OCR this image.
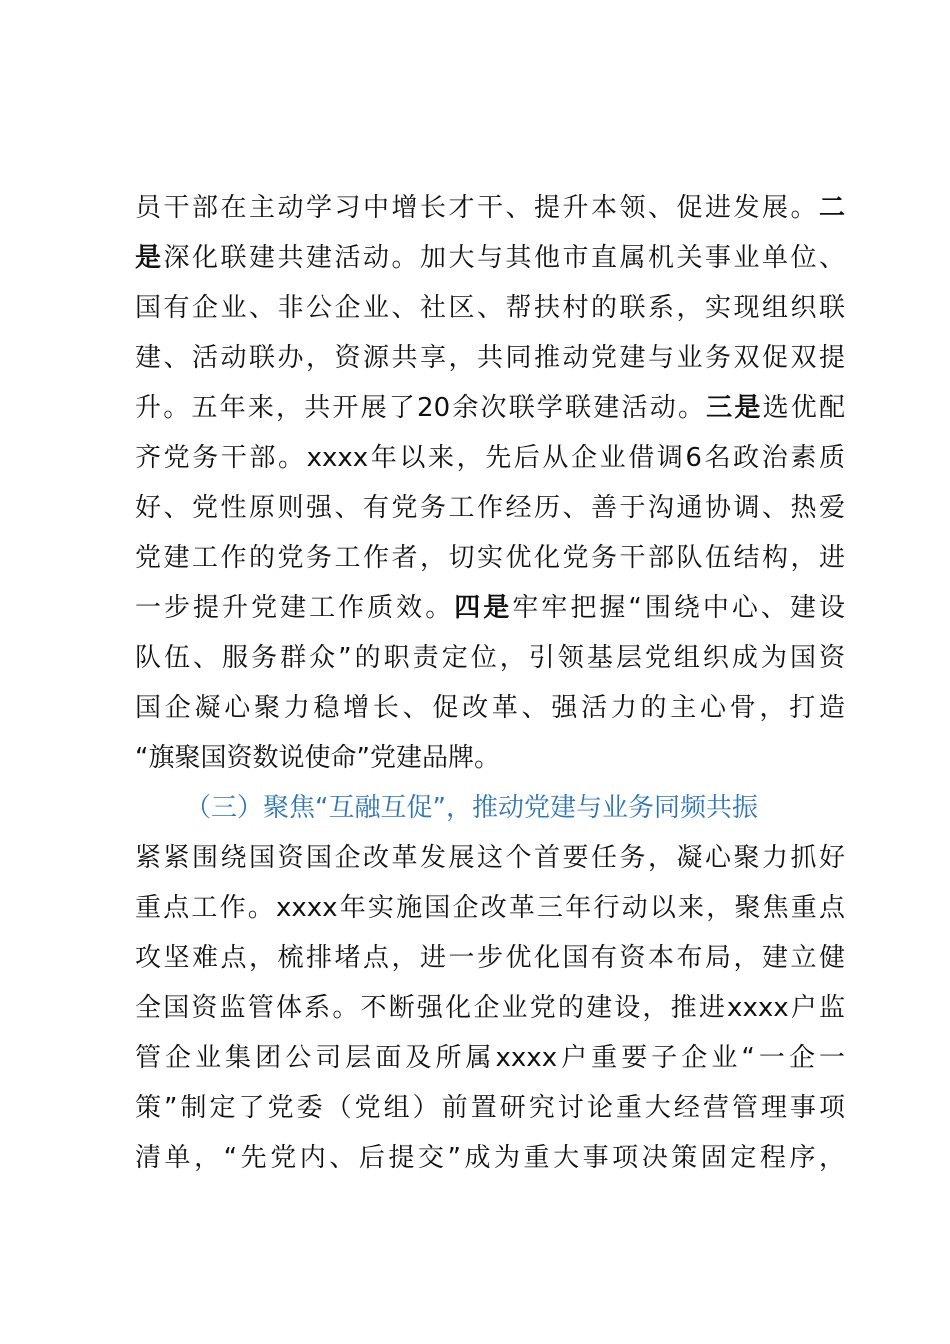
员干部在主动学习中增长才干、提升本领、促进发展。二
是深化联建共建活动。加大与其他市直属机关事业单位、
国有企业、非公企业、社区、帮扶村的联系，实现组织联
建、活动联办，资源共享，共同推动党建与业务双促双提
升。五年来，共开展了20余次联学联建活动。三是选优配
齐党务干部。xxxx年以来，先后从企业借调6名政治素质
好、党性原则强、有党务工作经历、善于沟通协调、热爱
党建工作的党务工作者，切实优化党务干部队伍结构，进
一步提升党建工作质效。四是牢牢把握“围绕中心、建设
队伍、服务群众”的职责定位，引领基层党组织成为国资
国企凝心聚力稳增长、促改革、强活力的主心骨，打造
“旗聚国资数说使命”党建品牌。
（三）聚焦“互融互促”，推动党建与业务同频共振
紧紧围绕国资国企改革发展这个首要任务，凝心聚力抓好
重点工作。xxxx年实施国企改革三年行动以来，聚焦重点
攻坚难点，梳排堵点，进一步优化国有资本布局，建立健
全国资监管体系。不断强化企业党的建设，推进xxxx户监
管企业集团公司层面及所属xxxx户重要子企业“一企一
策”制定了党委（党组）前置研究讨论重大经营管理事项
清单，“先党内、后提交”成为重大事项决策固定程序，
